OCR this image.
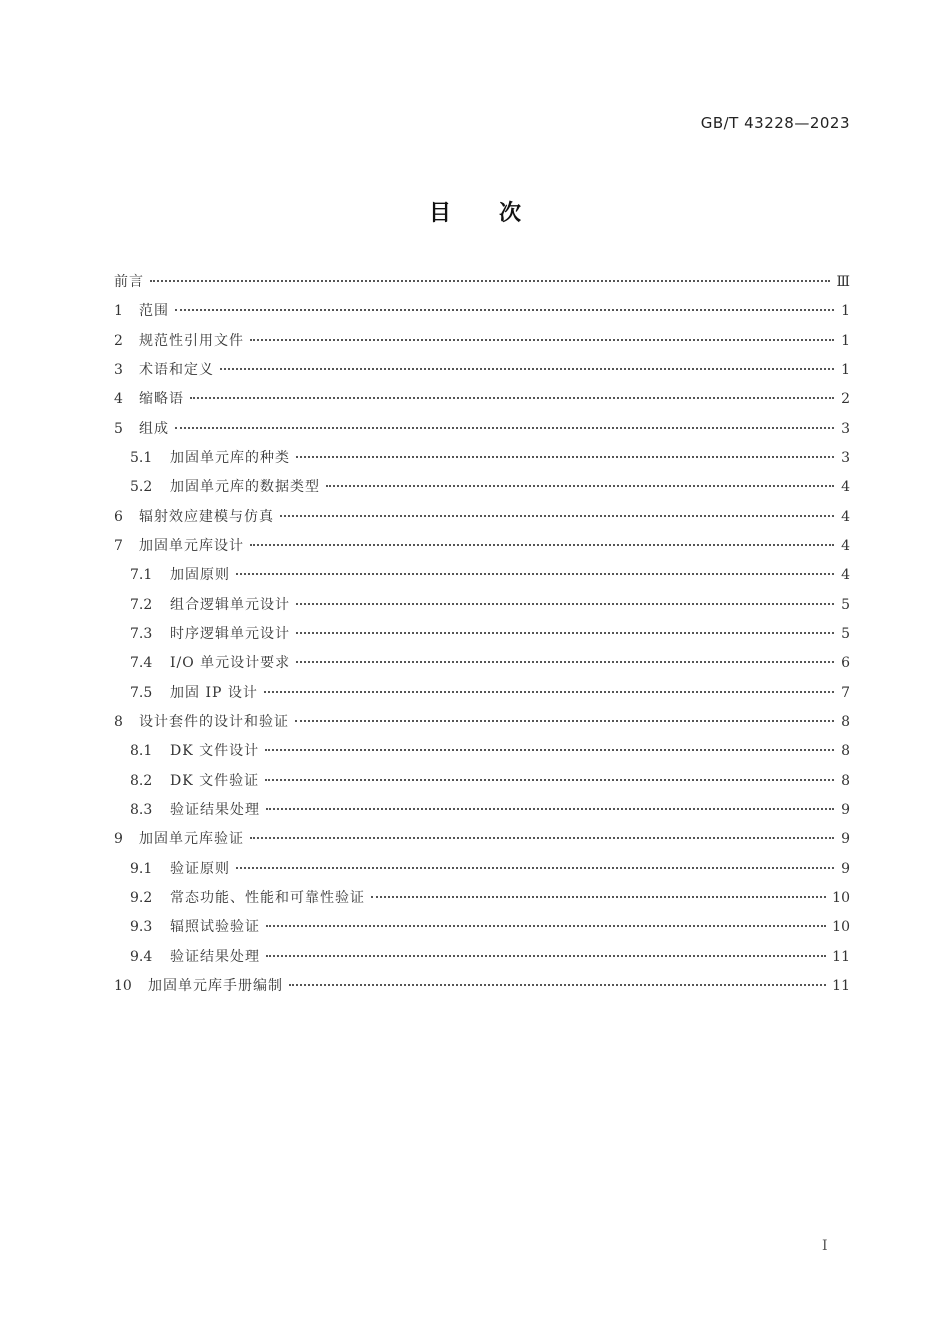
GB/T 43228—2023
目次
前言	Ⅲ
1	范围	1
2	规范性引用文件	1
3	术语和定义	1
4	缩略语	2
5	组成	3
5.1	加固单元库的种类	3
5.2	加固单元库的数据类型	4
6	辐射效应建模与仿真	4
7	加固单元库设计	4
7.1	加固原则	4
7.2	组合逻辑单元设计	5
7.3	时序逻辑单元设计	5
7.4	I/O 单元设计要求	6
7.5	加固 IP 设计	7
8	设计套件的设计和验证	8
8.1	DK 文件设计	8
8.2	DK 文件验证	8
8.3	验证结果处理	9
9	加固单元库验证	9
9.1	验证原则	9
9.2	常态功能、性能和可靠性验证	10
9.3	辐照试验验证	10
9.4	验证结果处理	11
10	加固单元库手册编制	11
I
